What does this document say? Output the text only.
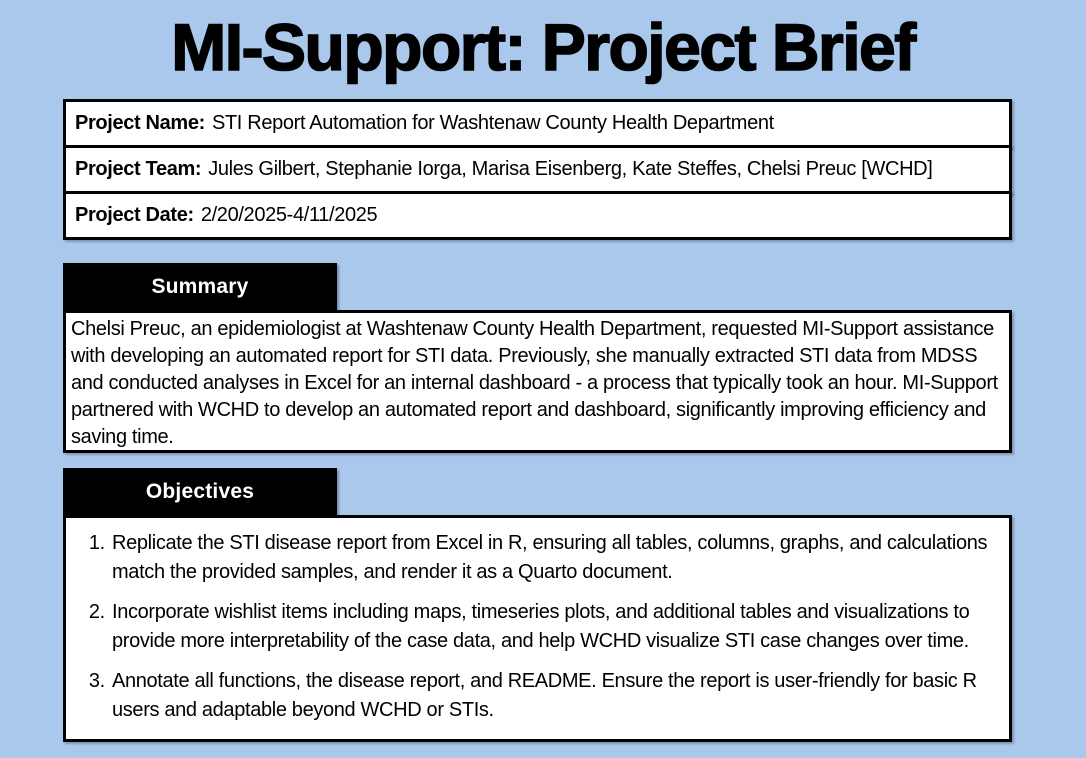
MI-Support: Project Brief
Project Name: STI Report Automation for Washtenaw County Health Department
Project Team: Jules Gilbert, Stephanie Iorga, Marisa Eisenberg, Kate Steffes, Chelsi Preuc [WCHD]
Project Date: 2/20/2025-4/11/2025
Summary
Chelsi Preuc, an epidemiologist at Washtenaw County Health Department, requested MI-Support assistance with developing an automated report for STI data. Previously, she manually extracted STI data from MDSS and conducted analyses in Excel for an internal dashboard - a process that typically took an hour. MI-Support partnered with WCHD to develop an automated report and dashboard, significantly improving efficiency and saving time.
Objectives
1. Replicate the STI disease report from Excel in R, ensuring all tables, columns, graphs, and calculations match the provided samples, and render it as a Quarto document.
2. Incorporate wishlist items including maps, timeseries plots, and additional tables and visualizations to provide more interpretability of the case data, and help WCHD visualize STI case changes over time.
3. Annotate all functions, the disease report, and README. Ensure the report is user-friendly for basic R users and adaptable beyond WCHD or STIs.
